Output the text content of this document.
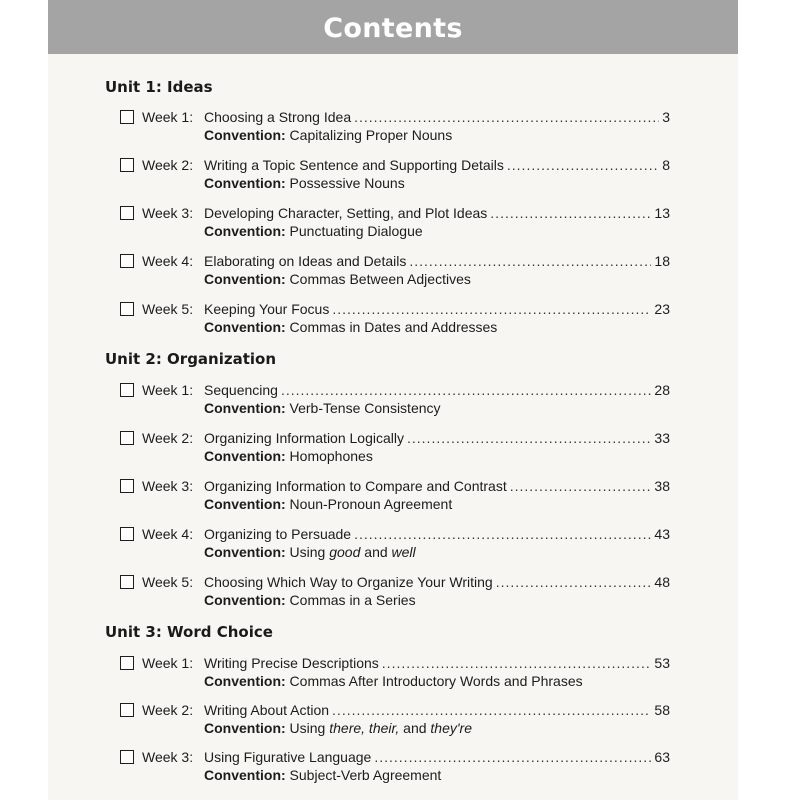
Contents
Unit 1: Ideas
Week 1: Choosing a Strong Idea .....	3
Convention: Capitalizing Proper Nouns
Week 2: Writing a Topic Sentence and Supporting Details .....	8
Convention: Possessive Nouns
Week 3: Developing Character, Setting, and Plot Ideas .....	13
Convention: Punctuating Dialogue
Week 4: Elaborating on Ideas and Details .....	18
Convention: Commas Between Adjectives
Week 5: Keeping Your Focus .....	23
Convention: Commas in Dates and Addresses
Unit 2: Organization
Week 1: Sequencing .....	28
Convention: Verb-Tense Consistency
Week 2: Organizing Information Logically .....	33
Convention: Homophones
Week 3: Organizing Information to Compare and Contrast .....	38
Convention: Noun-Pronoun Agreement
Week 4: Organizing to Persuade .....	43
Convention: Using good and well
Week 5: Choosing Which Way to Organize Your Writing .....	48
Convention: Commas in a Series
Unit 3: Word Choice
Week 1: Writing Precise Descriptions .....	53
Convention: Commas After Introductory Words and Phrases
Week 2: Writing About Action .....	58
Convention: Using there, their, and they're
Week 3: Using Figurative Language .....	63
Convention: Subject-Verb Agreement
